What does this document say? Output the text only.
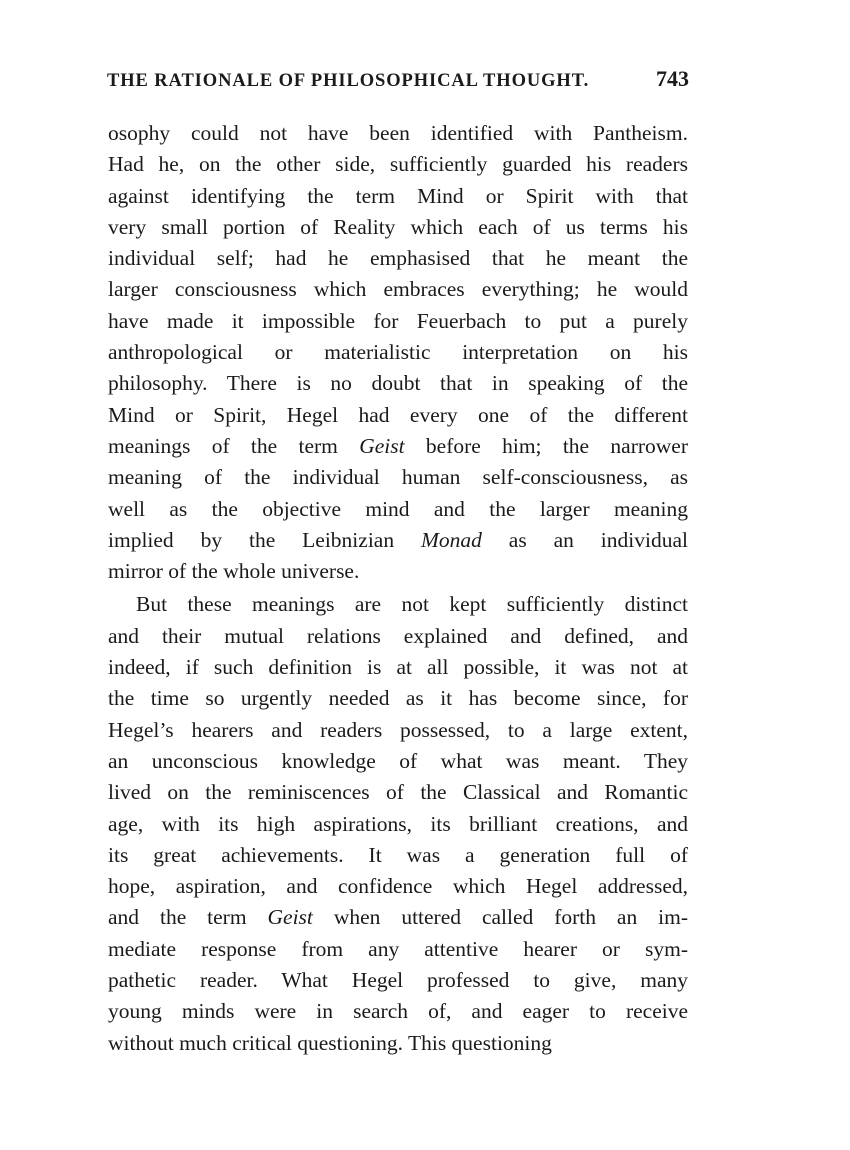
THE RATIONALE OF PHILOSOPHICAL THOUGHT.	743
osophy could not have been identified with Pantheism.
Had he, on the other side, sufficiently guarded his readers
against identifying the term Mind or Spirit with that
very small portion of Reality which each of us terms his
individual self; had he emphasised that he meant the
larger consciousness which embraces everything; he would
have made it impossible for Feuerbach to put a purely
anthropological or materialistic interpretation on his
philosophy. There is no doubt that in speaking of the
Mind or Spirit, Hegel had every one of the different
meanings of the term Geist before him; the narrower
meaning of the individual human self-consciousness, as
well as the objective mind and the larger meaning
implied by the Leibnizian Monad as an individual
mirror of the whole universe.
But these meanings are not kept sufficiently distinct
and their mutual relations explained and defined, and
indeed, if such definition is at all possible, it was not at
the time so urgently needed as it has become since, for
Hegel’s hearers and readers possessed, to a large extent,
an unconscious knowledge of what was meant. They
lived on the reminiscences of the Classical and Romantic
age, with its high aspirations, its brilliant creations, and
its great achievements. It was a generation full of
hope, aspiration, and confidence which Hegel addressed,
and the term Geist when uttered called forth an im-
mediate response from any attentive hearer or sym-
pathetic reader. What Hegel professed to give, many
young minds were in search of, and eager to receive
without much critical questioning. This questioning
